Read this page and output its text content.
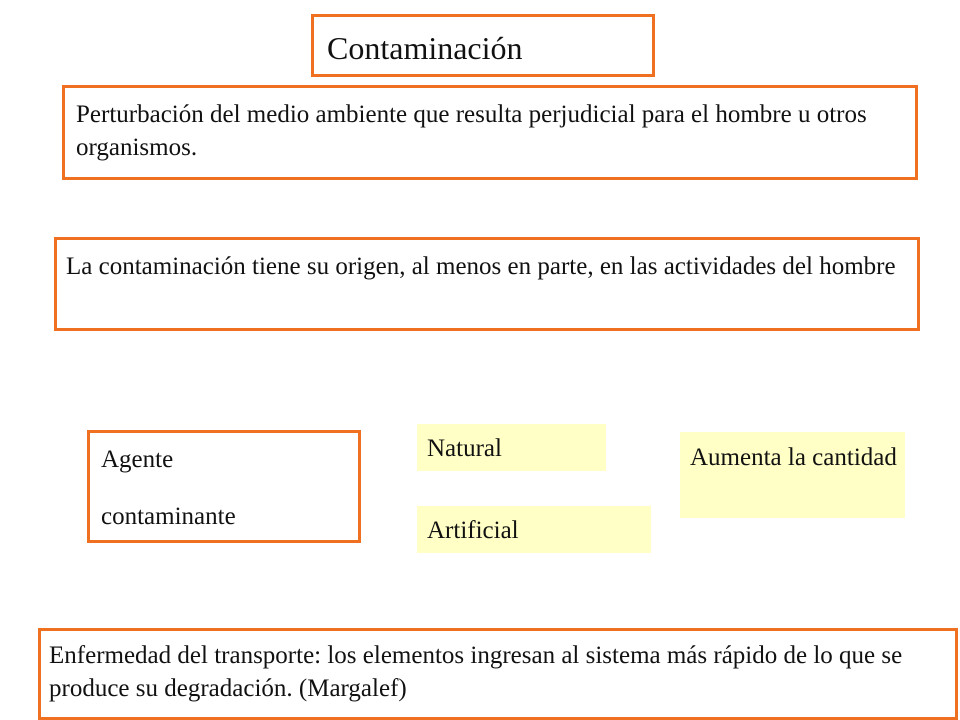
Contaminación
Perturbación del medio ambiente que resulta perjudicial para el hombre u otros organismos.
La contaminación tiene su origen, al menos en parte, en las actividades del hombre
Agente
contaminante
Natural
Artificial
Aumenta la cantidad
Enfermedad del transporte: los elementos ingresan al sistema más rápido de lo que se produce su degradación. (Margalef)
